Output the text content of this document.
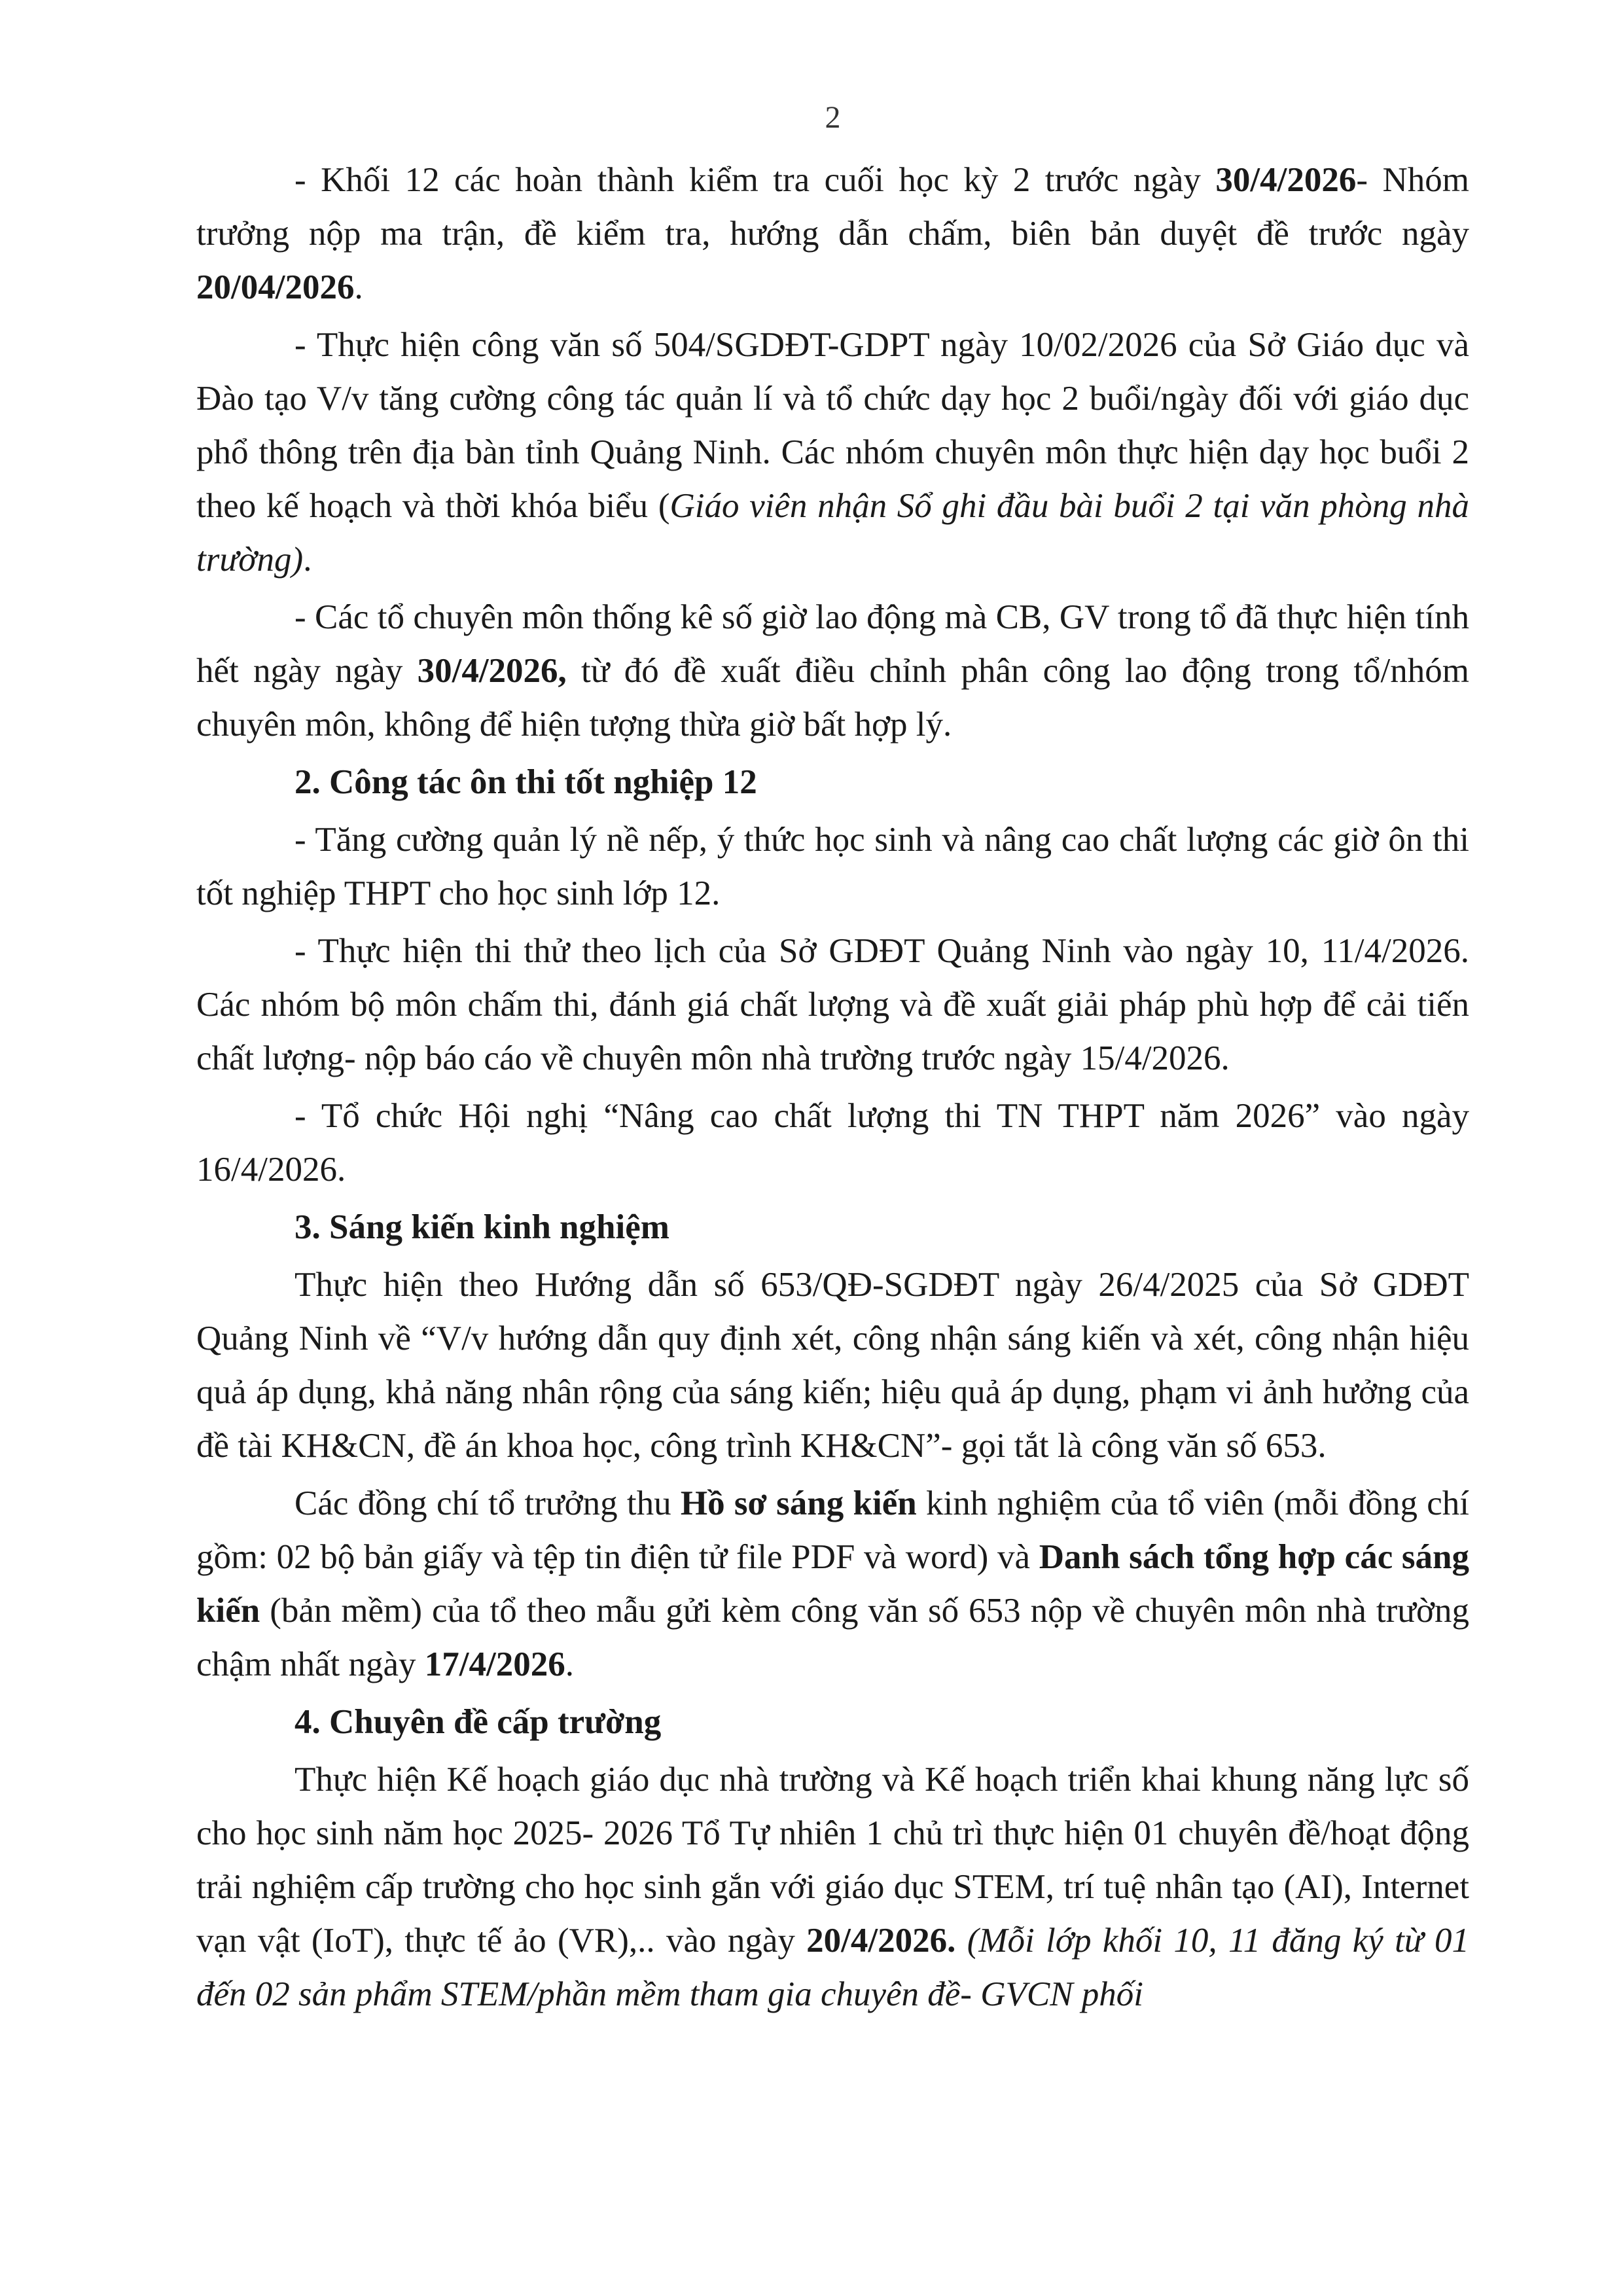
2

- Khối 12 các hoàn thành kiểm tra cuối học kỳ 2 trước ngày 30/4/2026- Nhóm trưởng nộp ma trận, đề kiểm tra, hướng dẫn chấm, biên bản duyệt đề trước ngày 20/04/2026.

- Thực hiện công văn số 504/SGDĐT-GDPT ngày 10/02/2026 của Sở Giáo dục và Đào tạo V/v tăng cường công tác quản lí và tổ chức dạy học 2 buổi/ngày đối với giáo dục phổ thông trên địa bàn tỉnh Quảng Ninh. Các nhóm chuyên môn thực hiện dạy học buổi 2 theo kế hoạch và thời khóa biểu (Giáo viên nhận Sổ ghi đầu bài buổi 2 tại văn phòng nhà trường).

- Các tổ chuyên môn thống kê số giờ lao động mà CB, GV trong tổ đã thực hiện tính hết ngày ngày 30/4/2026, từ đó đề xuất điều chỉnh phân công lao động trong tổ/nhóm chuyên môn, không để hiện tượng thừa giờ bất hợp lý.

2. Công tác ôn thi tốt nghiệp 12

- Tăng cường quản lý nề nếp, ý thức học sinh và nâng cao chất lượng các giờ ôn thi tốt nghiệp THPT cho học sinh lớp 12.

- Thực hiện thi thử theo lịch của Sở GDĐT Quảng Ninh vào ngày 10, 11/4/2026. Các nhóm bộ môn chấm thi, đánh giá chất lượng và đề xuất giải pháp phù hợp để cải tiến chất lượng- nộp báo cáo về chuyên môn nhà trường trước ngày 15/4/2026.

- Tổ chức Hội nghị “Nâng cao chất lượng thi TN THPT năm 2026” vào ngày 16/4/2026.

3. Sáng kiến kinh nghiệm

Thực hiện theo Hướng dẫn số 653/QĐ-SGDĐT ngày 26/4/2025 của Sở GDĐT Quảng Ninh về “V/v hướng dẫn quy định xét, công nhận sáng kiến và xét, công nhận hiệu quả áp dụng, khả năng nhân rộng của sáng kiến; hiệu quả áp dụng, phạm vi ảnh hưởng của đề tài KH&CN, đề án khoa học, công trình KH&CN”- gọi tắt là công văn số 653.

Các đồng chí tổ trưởng thu Hồ sơ sáng kiến kinh nghiệm của tổ viên (mỗi đồng chí gồm: 02 bộ bản giấy và tệp tin điện tử file PDF và word) và Danh sách tổng hợp các sáng kiến (bản mềm) của tổ theo mẫu gửi kèm công văn số 653 nộp về chuyên môn nhà trường chậm nhất ngày 17/4/2026.

4. Chuyên đề cấp trường

Thực hiện Kế hoạch giáo dục nhà trường và Kế hoạch triển khai khung năng lực số cho học sinh năm học 2025- 2026 Tổ Tự nhiên 1 chủ trì thực hiện 01 chuyên đề/hoạt động trải nghiệm cấp trường cho học sinh gắn với giáo dục STEM, trí tuệ nhân tạo (AI), Internet vạn vật (IoT), thực tế ảo (VR),.. vào ngày 20/4/2026. (Mỗi lớp khối 10, 11 đăng ký từ 01 đến 02 sản phẩm STEM/phần mềm tham gia chuyên đề- GVCN phối
